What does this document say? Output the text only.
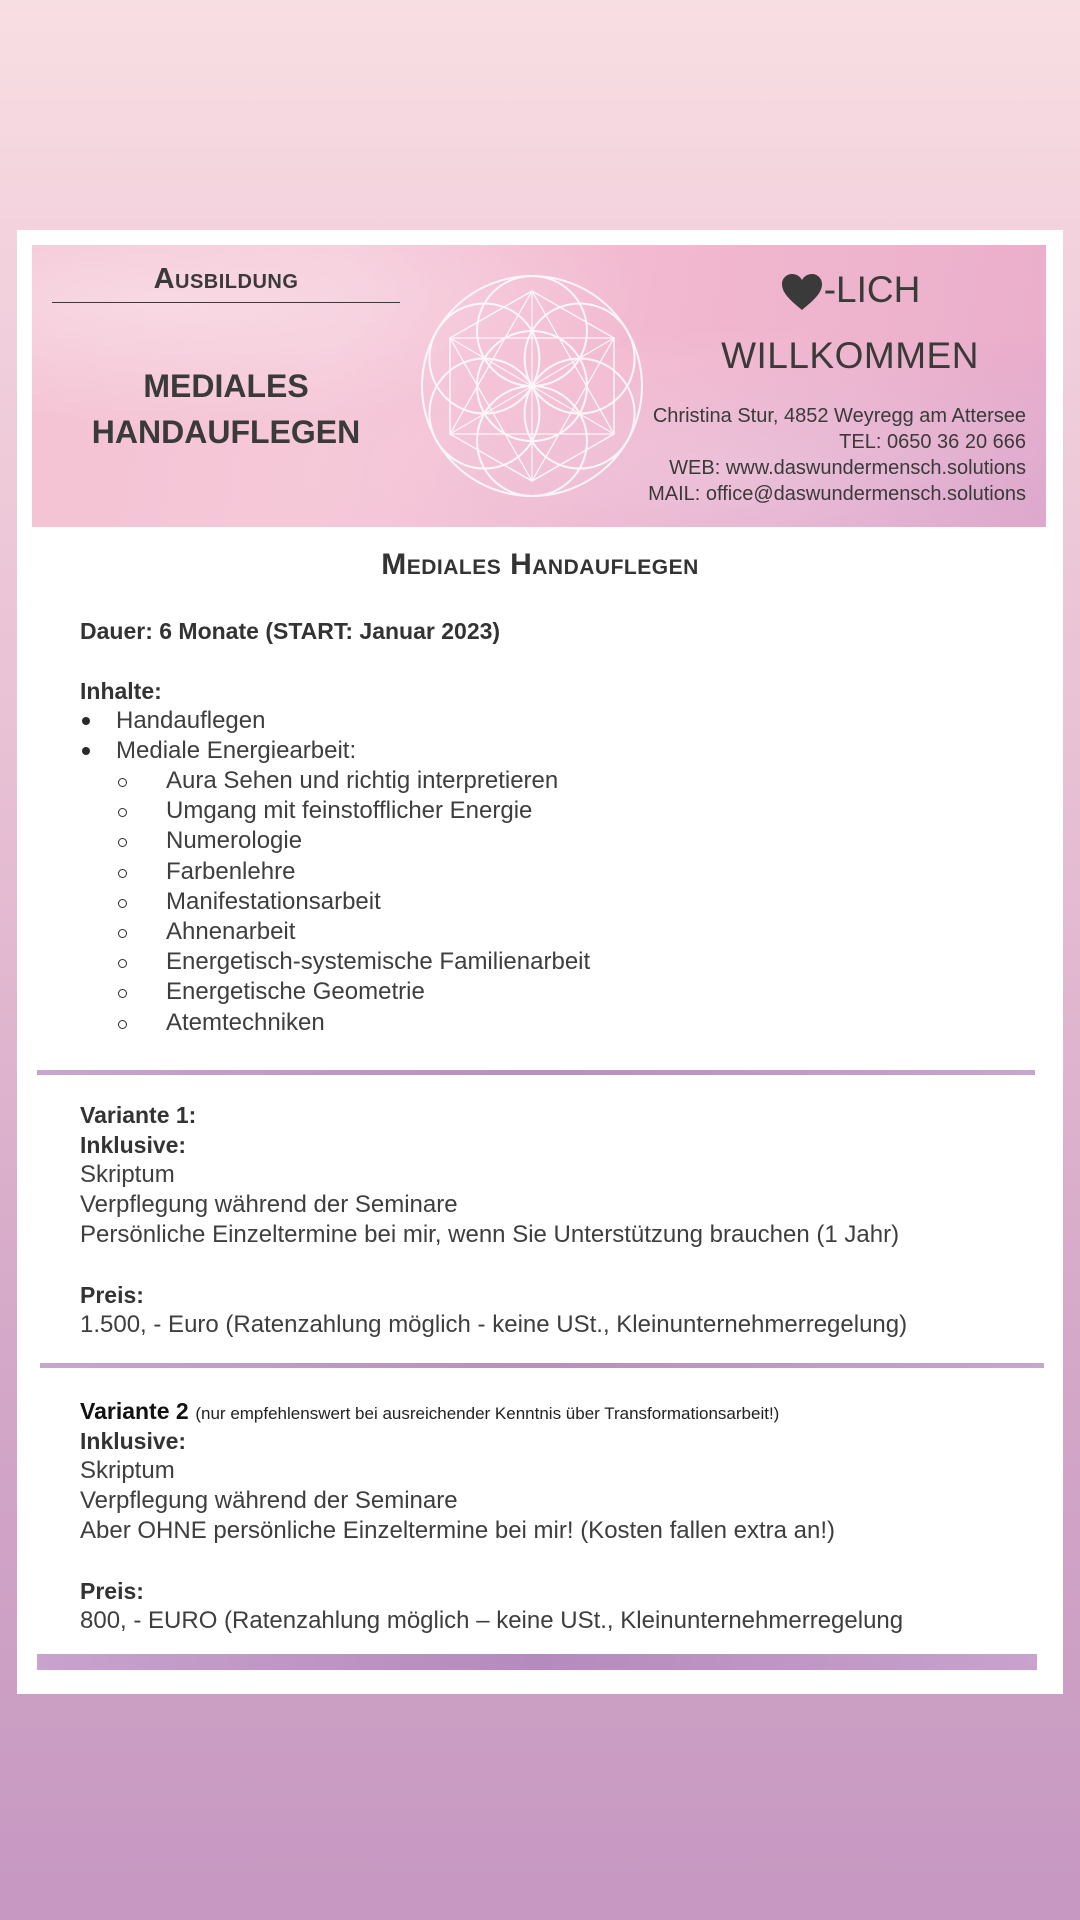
Ausbildung
MEDIALES
HANDAUFLEGEN
-LICH
WILLKOMMEN
Christina Stur, 4852 Weyregg am Attersee
TEL: 0650 36 20 666
WEB: www.daswundermensch.solutions
MAIL: office@daswundermensch.solutions
Mediales Handauflegen
Dauer: 6 Monate (START: Januar 2023)
Inhalte:
Handauflegen
Mediale Energiearbeit:
Aura Sehen und richtig interpretieren
Umgang mit feinstofflicher Energie
Numerologie
Farbenlehre
Manifestationsarbeit
Ahnenarbeit
Energetisch-systemische Familienarbeit
Energetische Geometrie
Atemtechniken
Variante 1:
Inklusive:
Skriptum
Verpflegung während der Seminare
Persönliche Einzeltermine bei mir, wenn Sie Unterstützung brauchen (1 Jahr)
Preis:
1.500, - Euro (Ratenzahlung möglich - keine USt., Kleinunternehmerregelung)
Variante 2 (nur empfehlenswert bei ausreichender Kenntnis über Transformationsarbeit!)
Inklusive:
Skriptum
Verpflegung während der Seminare
Aber OHNE persönliche Einzeltermine bei mir! (Kosten fallen extra an!)
Preis:
800, - EURO (Ratenzahlung möglich – keine USt., Kleinunternehmerregelung
